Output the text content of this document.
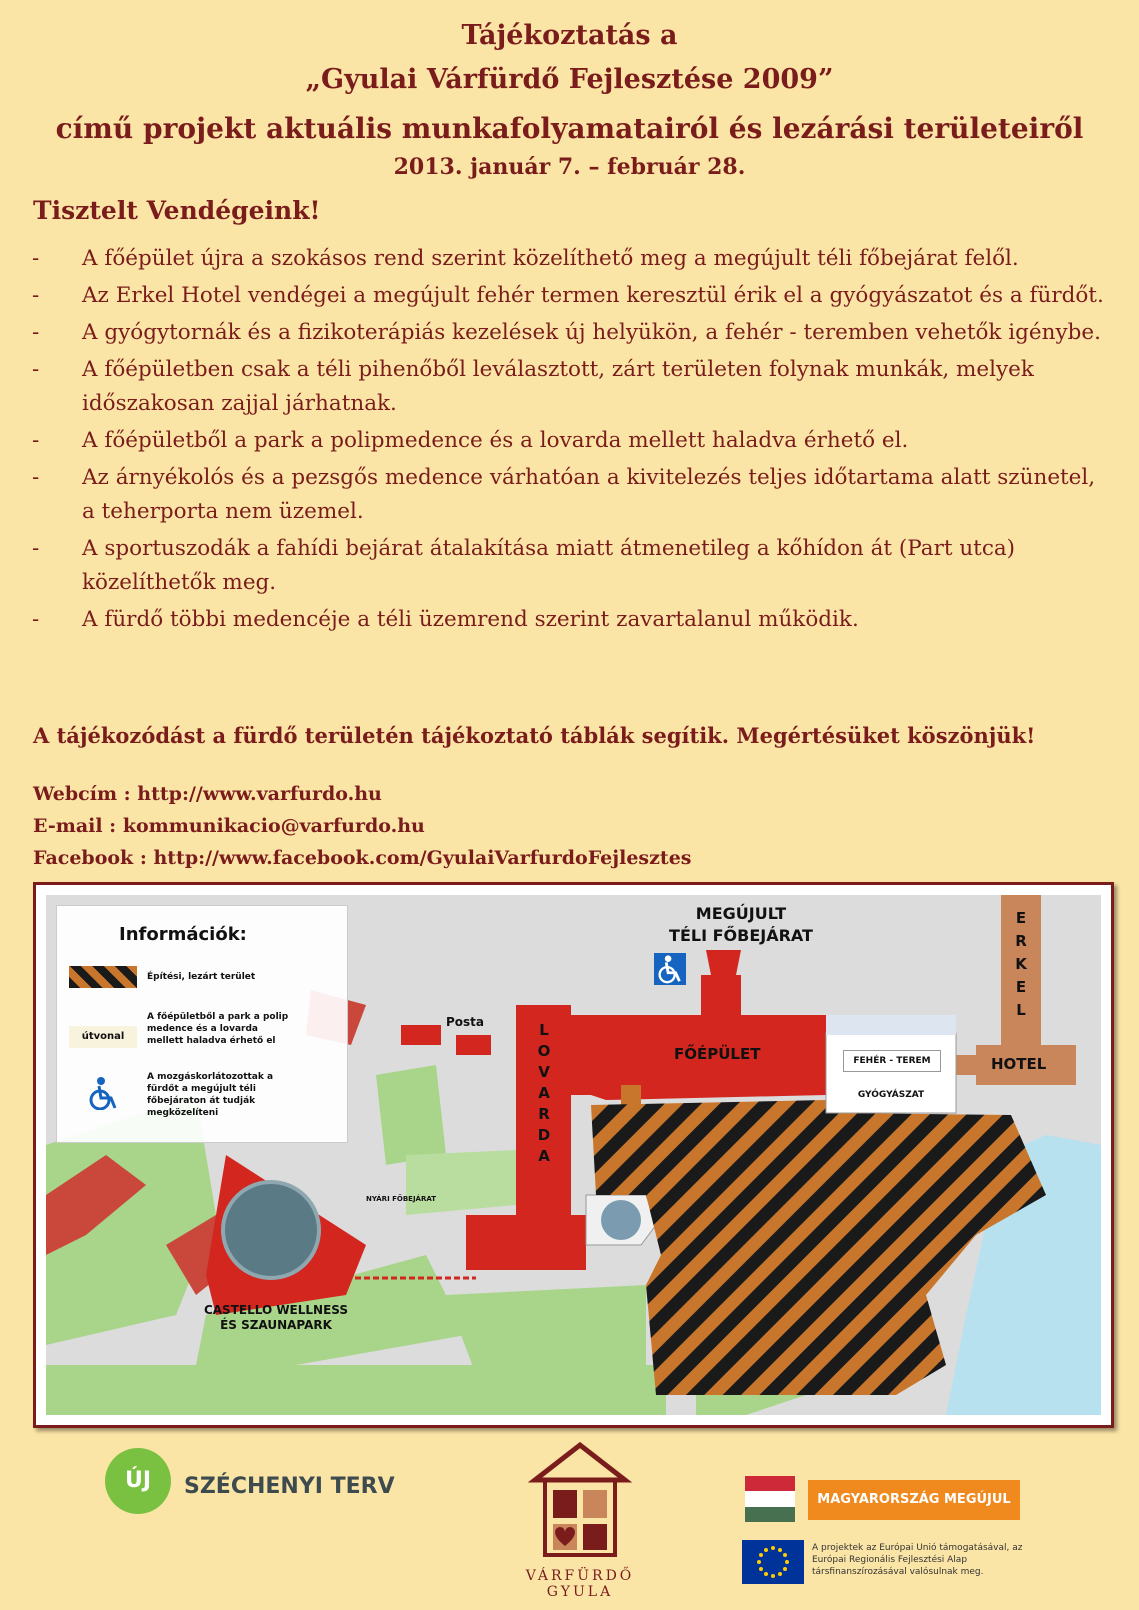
Tájékoztatás a
„Gyulai Várfürdő Fejlesztése 2009”
című projekt aktuális munkafolyamatairól és lezárási területeiről
2013. január 7. – február 28.
Tisztelt Vendégeink!
- A főépület újra a szokásos rend szerint közelíthető meg a megújult téli főbejárat felől.
- Az Erkel Hotel vendégei a megújult fehér termen keresztül érik el a gyógyászatot és a fürdőt.
- A gyógytornák és a fizikoterápiás kezelések új helyükön, a fehér - teremben vehetők igénybe.
- A főépületben csak a téli pihenőből leválasztott, zárt területen folynak munkák, melyek időszakosan zajjal járhatnak.
- A főépületből a park a polipmedence és a lovarda mellett haladva érhető el.
- Az árnyékolós és a pezsgős medence várhatóan a kivitelezés teljes időtartama alatt szünetel, a teherporta nem üzemel.
- A sportuszodák a fahídi bejárat átalakítása miatt átmenetileg a kőhídon át (Part utca) közelíthetők meg.
- A fürdő többi medencéje a téli üzemrend szerint zavartalanul működik.
A tájékozódást a fürdő területén tájékoztató táblák segítik. Megértésüket köszönjük!
Webcím : http://www.varfurdo.hu
E-mail : kommunikacio@varfurdo.hu
Facebook : http://www.facebook.com/GyulaiVarfurdoFejlesztes
Információk:
Építési, lezárt terület
útvonal
A főépületből a park a polip medence és a lovarda mellett haladva érhető el
A mozgáskorlátozottak a fürdőt a megújult téli főbejáraton át tudják megközelíteni
MEGÚJULT
TÉLI FŐBEJÁRAT
E
R
K
E
L
HOTEL
Posta	L
O
V
A
R
D
A
FŐÉPÜLET	FEHÉR - TEREM
GYÓGYÁSZAT
NYÁRI FŐBEJÁRAT
CASTELLO WELLNESS
ÉS SZAUNAPARK
ÚJ	SZÉCHENYI TERV
VÁRFÜRDŐ
GYULA
MAGYARORSZÁG MEGÚJUL
A projektek az Európai Unió támogatásával, az Európai Regionális Fejlesztési Alap társfinanszírozásával valósulnak meg.
